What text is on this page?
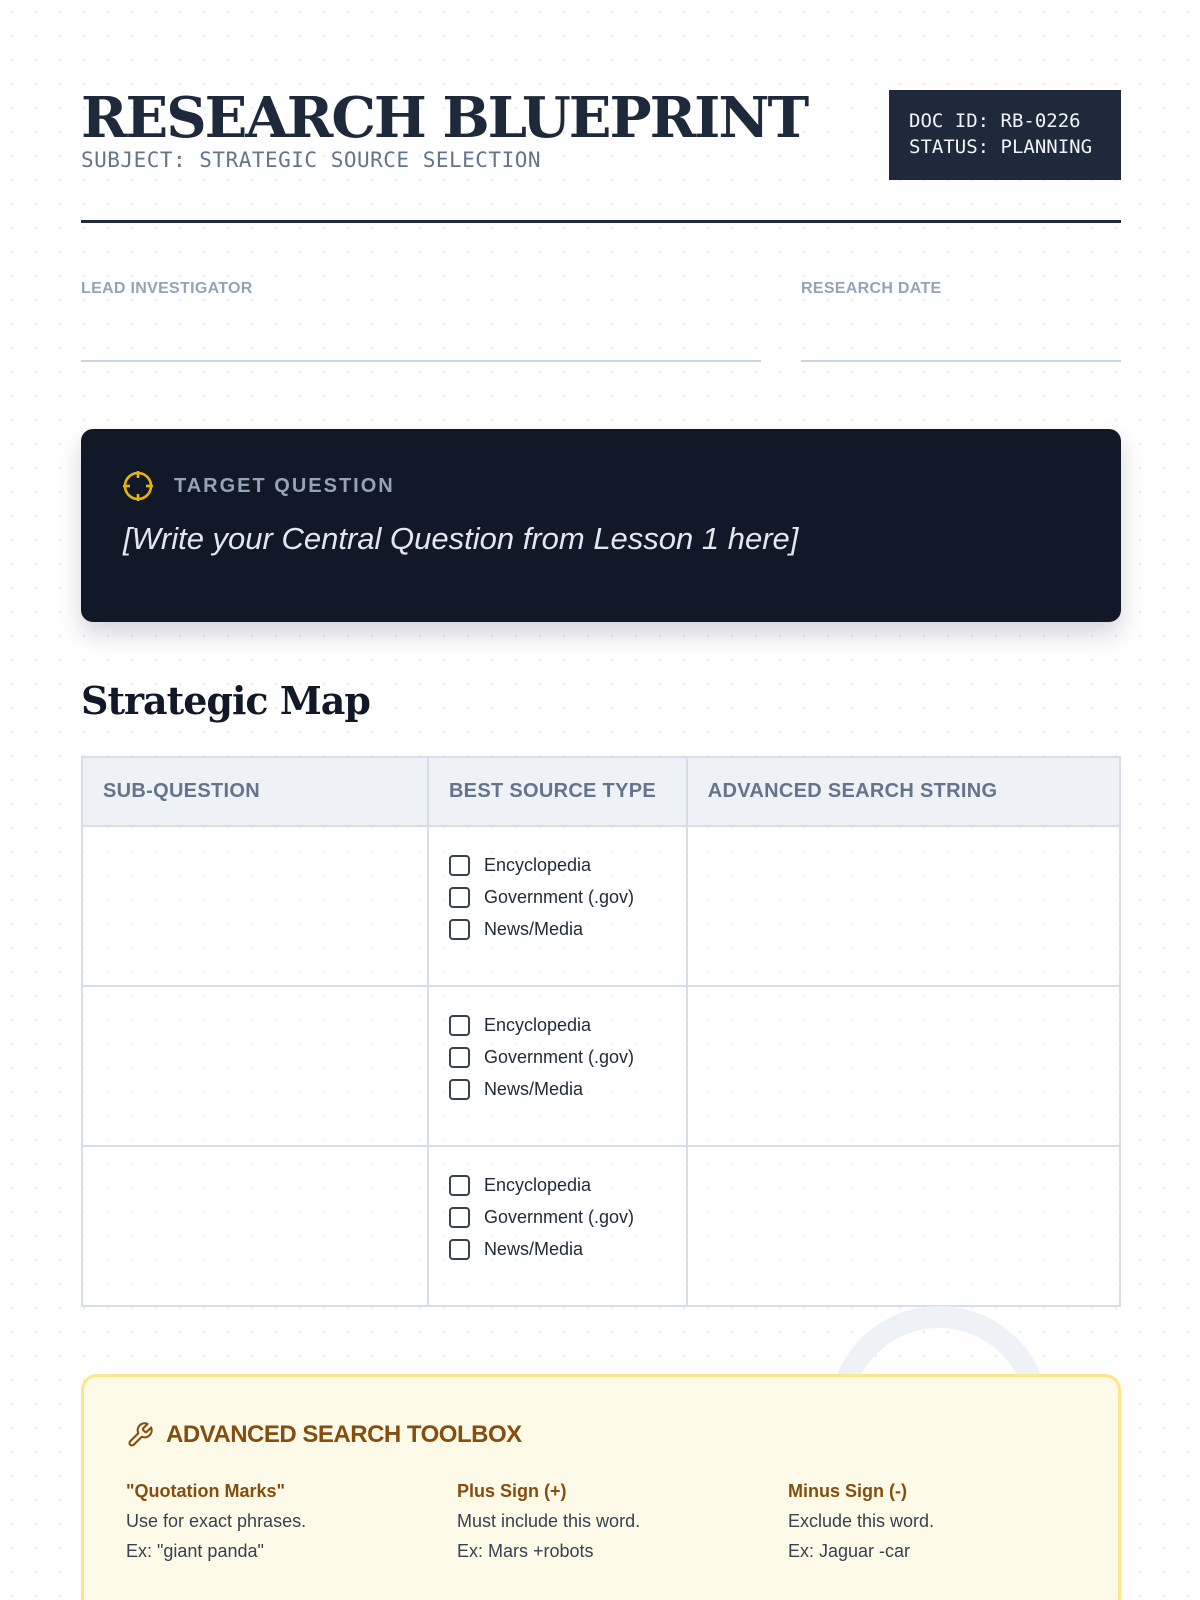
RESEARCH BLUEPRINT
SUBJECT: STRATEGIC SOURCE SELECTION
DOC ID: RB-0226
STATUS: PLANNING
LEAD INVESTIGATOR	RESEARCH DATE
TARGET QUESTION
[Write your Central Question from Lesson 1 here]
Strategic Map
SUB-QUESTION	BEST SOURCE TYPE	ADVANCED SEARCH STRING

	Encyclopedia
Government (.gov)
News/Media	

	Encyclopedia
Government (.gov)
News/Media	

	Encyclopedia
Government (.gov)
News/Media	

ADVANCED SEARCH TOOLBOX
"Quotation Marks"
Use for exact phrases.
Ex: "giant panda"
Plus Sign (+)
Must include this word.
Ex: Mars +robots
Minus Sign (-)
Exclude this word.
Ex: Jaguar -car
